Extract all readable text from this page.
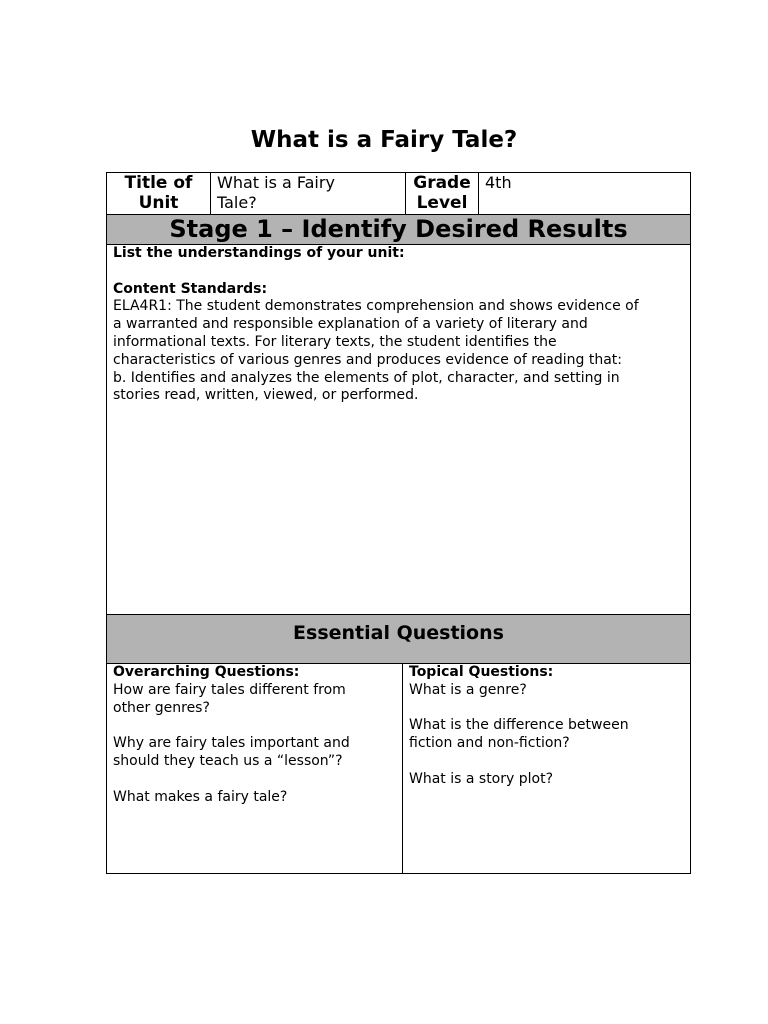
What is a Fairy Tale?
Title of
Unit
What is a Fairy
Tale?
Grade
Level
4th
Stage 1 – Identify Desired Results

List the understandings of your unit:

Content Standards:

ELA4R1: The student demonstrates comprehension and shows evidence of

a warranted and responsible explanation of a variety of literary and

informational texts. For literary texts, the student identifies the

characteristics of various genres and produces evidence of reading that:

b. Identifies and analyzes the elements of plot, character, and setting in

stories read, written, viewed, or performed.

Essential Questions

Overarching Questions:

How are fairy tales different from

other genres?

Why are fairy tales important and

should they teach us a “lesson”?

What makes a fairy tale?

Topical Questions:

What is a genre?

What is the difference between

fiction and non-fiction?

What is a story plot?
